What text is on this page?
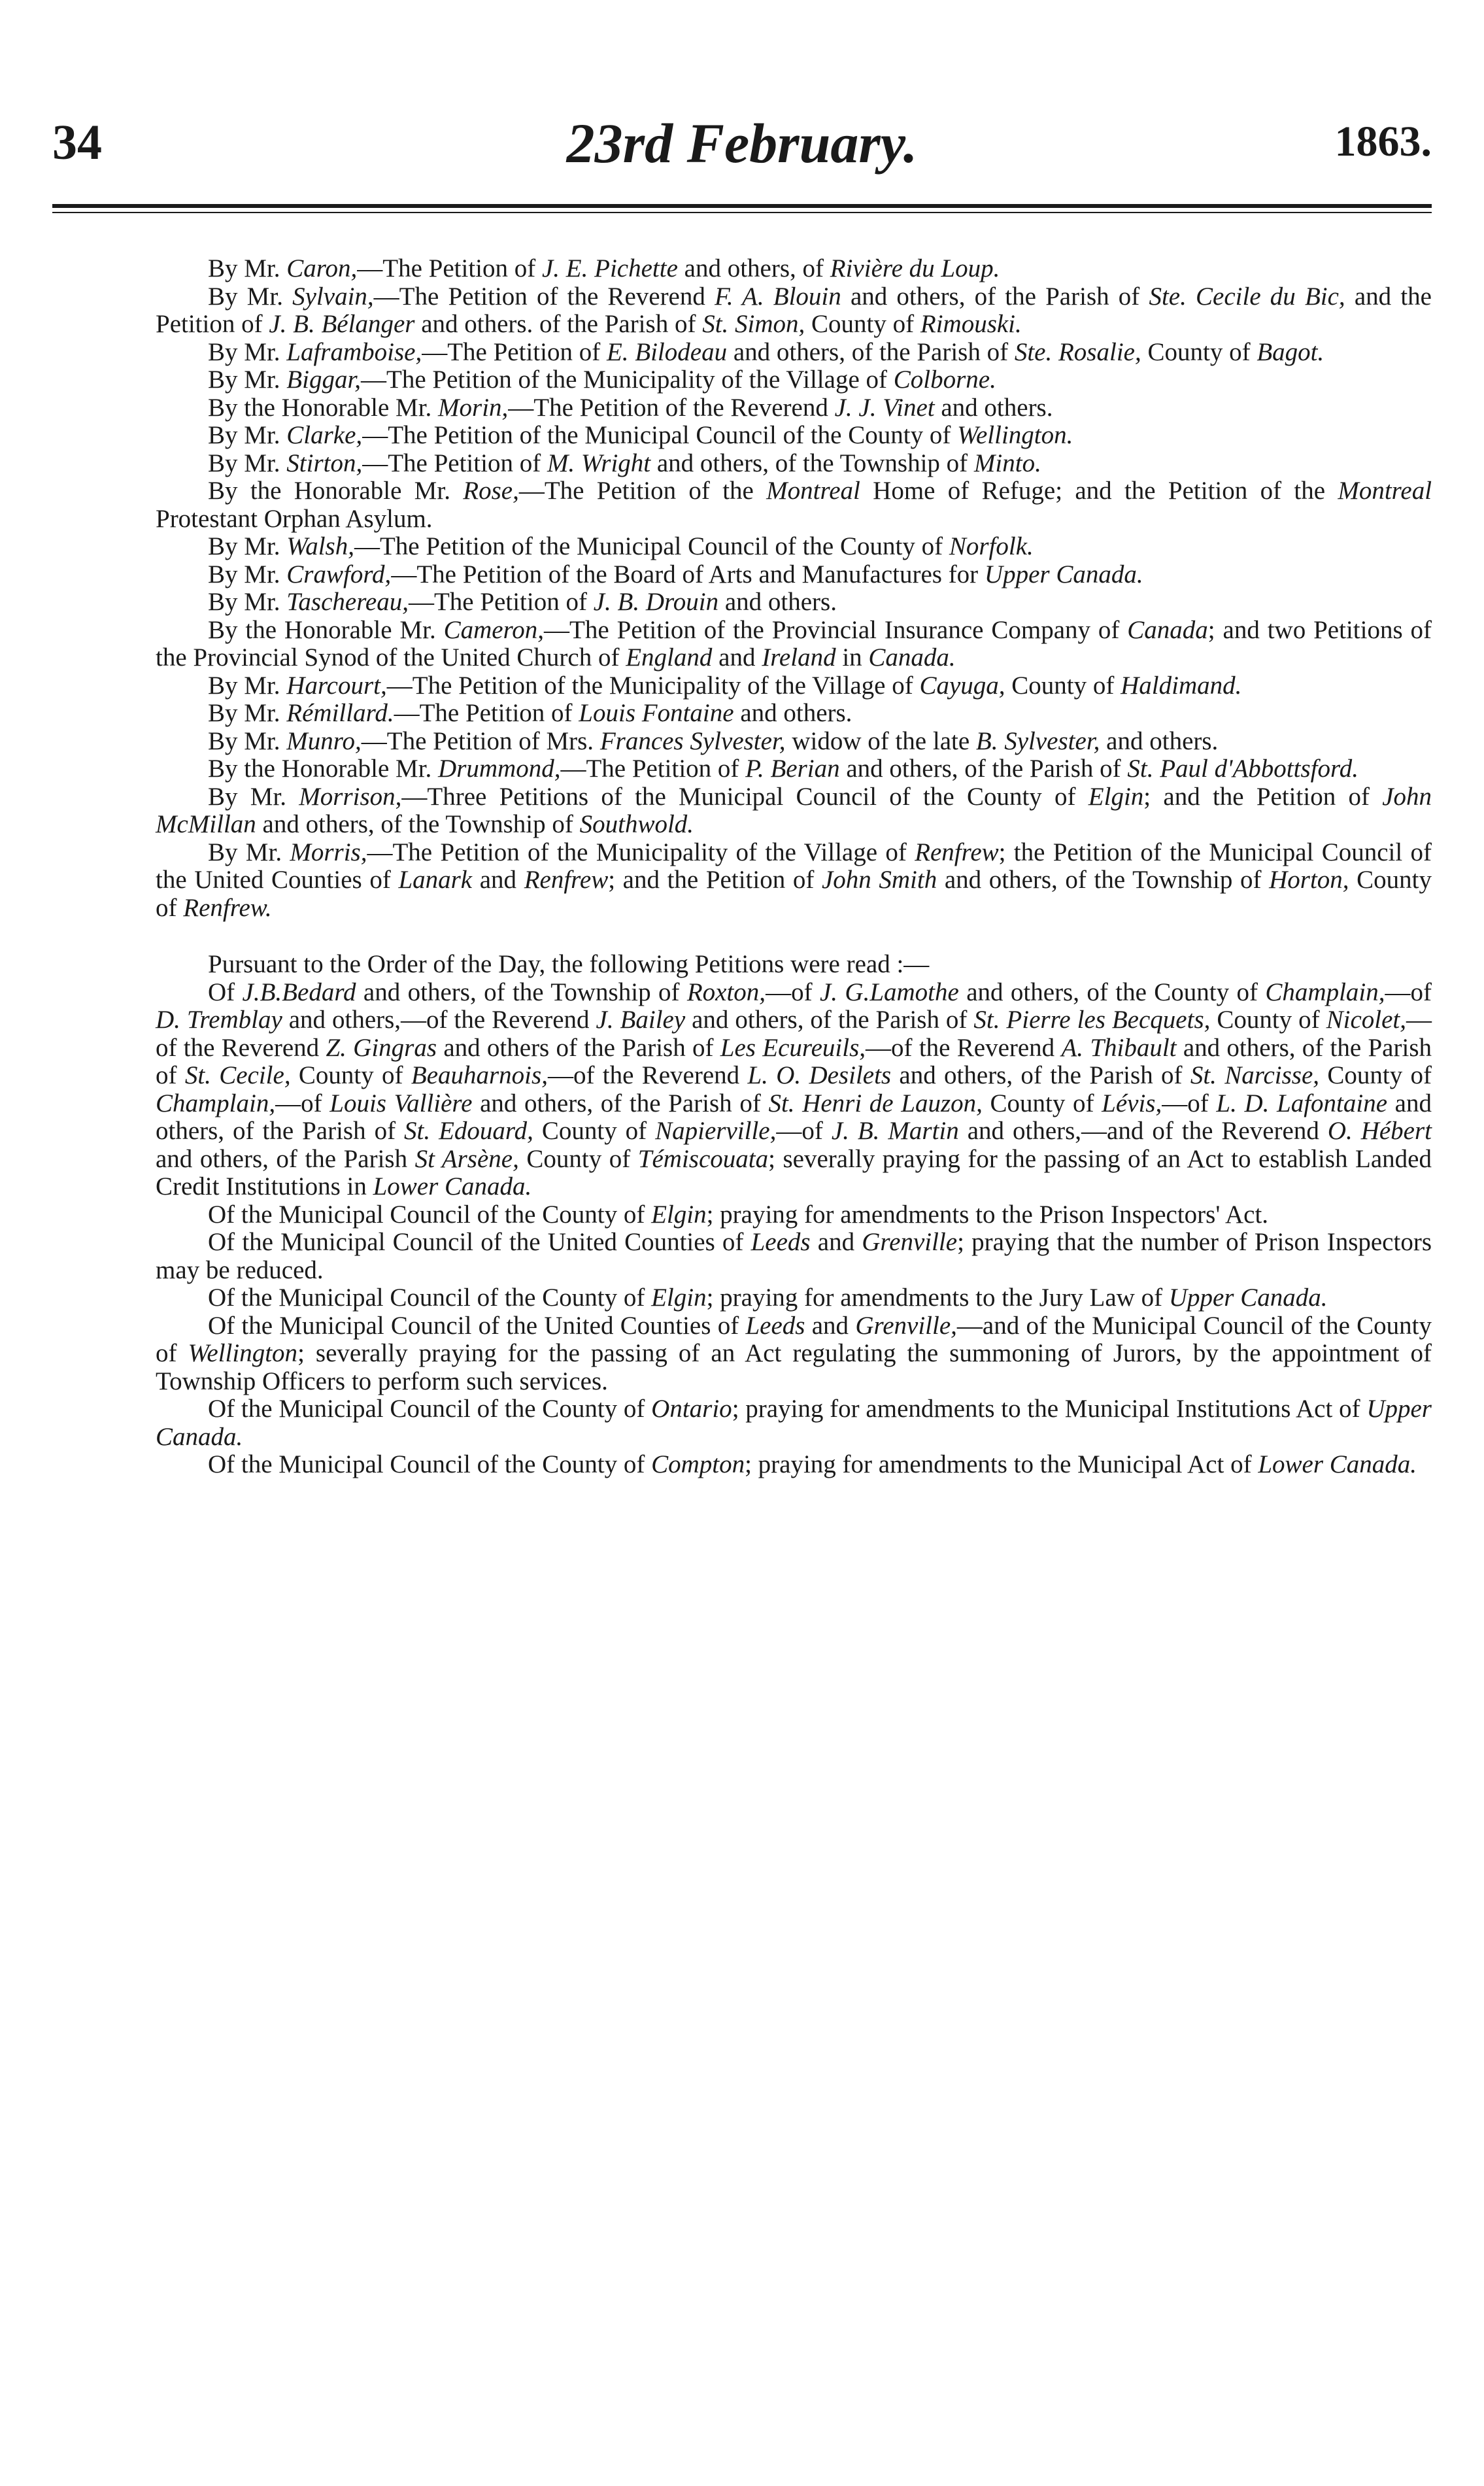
34	23rd February.	1863.

By Mr. Caron,—The Petition of J. E. Pichette and others, of Rivière du Loup.

By Mr. Sylvain,—The Petition of the Reverend F. A. Blouin and others, of the Parish of Ste. Cecile du Bic, and the Petition of J. B. Bélanger and others. of the Parish of St. Simon, County of Rimouski.

By Mr. Laframboise,—The Petition of E. Bilodeau and others, of the Parish of Ste. Rosalie, County of Bagot.

By Mr. Biggar,—The Petition of the Municipality of the Village of Colborne.

By the Honorable Mr. Morin,—The Petition of the Reverend J. J. Vinet and others.

By Mr. Clarke,—The Petition of the Municipal Council of the County of Wellington.

By Mr. Stirton,—The Petition of M. Wright and others, of the Township of Minto.

By the Honorable Mr. Rose,—The Petition of the Montreal Home of Refuge; and the Petition of the Montreal Protestant Orphan Asylum.

By Mr. Walsh,—The Petition of the Municipal Council of the County of Norfolk.

By Mr. Crawford,—The Petition of the Board of Arts and Manufactures for Upper Canada.

By Mr. Taschereau,—The Petition of J. B. Drouin and others.

By the Honorable Mr. Cameron,—The Petition of the Provincial Insurance Company of Canada; and two Petitions of the Provincial Synod of the United Church of England and Ireland in Canada.

By Mr. Harcourt,—The Petition of the Municipality of the Village of Cayuga, County of Haldimand.

By Mr. Rémillard.—The Petition of Louis Fontaine and others.

By Mr. Munro,—The Petition of Mrs. Frances Sylvester, widow of the late B. Sylvester, and others.

By the Honorable Mr. Drummond,—The Petition of P. Berian and others, of the Parish of St. Paul d'Abbottsford.

By Mr. Morrison,—Three Petitions of the Municipal Council of the County of Elgin; and the Petition of John McMillan and others, of the Township of Southwold.

By Mr. Morris,—The Petition of the Municipality of the Village of Renfrew; the Petition of the Municipal Council of the United Counties of Lanark and Renfrew; and the Petition of John Smith and others, of the Township of Horton, County of Renfrew.

Pursuant to the Order of the Day, the following Petitions were read :—

Of J.B.Bedard and others, of the Township of Roxton,—of J. G.Lamothe and others, of the County of Champlain,—of D. Tremblay and others,—of the Reverend J. Bailey and others, of the Parish of St. Pierre les Becquets, County of Nicolet,—of the Reverend Z. Gingras and others of the Parish of Les Ecureuils,—of the Reverend A. Thibault and others, of the Parish of St. Cecile, County of Beauharnois,—of the Reverend L. O. Desilets and others, of the Parish of St. Narcisse, County of Champlain,—of Louis Vallière and others, of the Parish of St. Henri de Lauzon, County of Lévis,—of L. D. Lafontaine and others, of the Parish of St. Edouard, County of Napierville,—of J. B. Martin and others,—and of the Reverend O. Hébert and others, of the Parish St Arsène, County of Témiscouata; severally praying for the passing of an Act to establish Landed Credit Institutions in Lower Canada.

Of the Municipal Council of the County of Elgin; praying for amendments to the Prison Inspectors' Act.

Of the Municipal Council of the United Counties of Leeds and Grenville; praying that the number of Prison Inspectors may be reduced.

Of the Municipal Council of the County of Elgin; praying for amendments to the Jury Law of Upper Canada.

Of the Municipal Council of the United Counties of Leeds and Grenville,—and of the Municipal Council of the County of Wellington; severally praying for the passing of an Act regulating the summoning of Jurors, by the appointment of Township Officers to perform such services.

Of the Municipal Council of the County of Ontario; praying for amendments to the Municipal Institutions Act of Upper Canada.

Of the Municipal Council of the County of Compton; praying for amendments to the Municipal Act of Lower Canada.
